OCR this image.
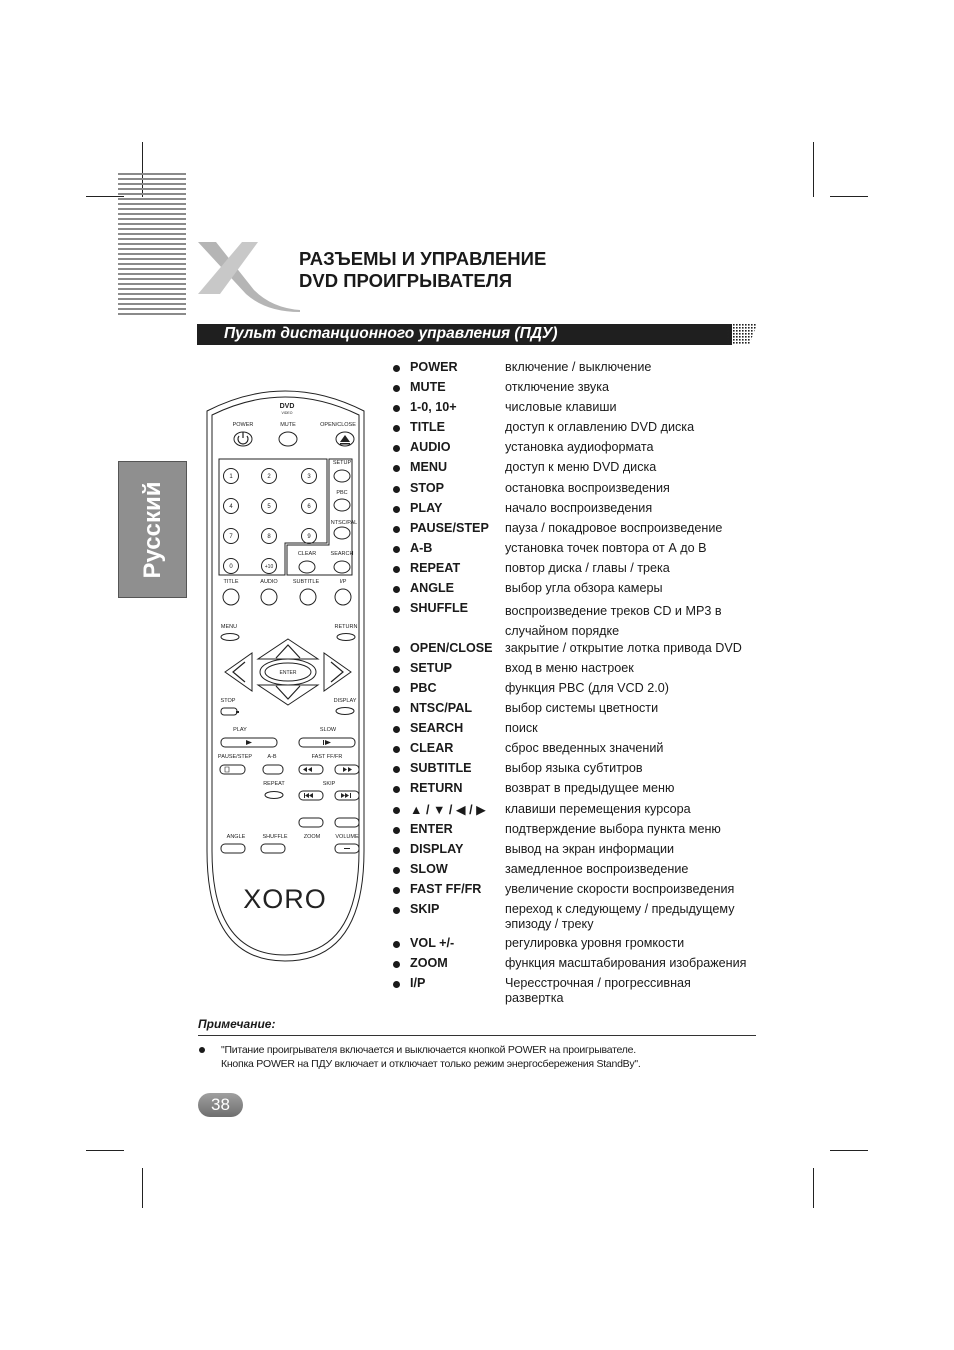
РАЗЪЕМЫ И УПРАВЛЕНИЕ
DVD ПРОИГРЫВАТЕЛЯ
Пульт дистанционного управления (ПДУ)
Русский
DVD
VIDEO
1	2	3
4	5	6
7	8	9
0	+10
ENTER
XORO
POWER	MUTE	OPEN/CLOSE
SETUP
PBC
NTSC/PAL
CLEAR	SEARCH
TITLE	AUDIO	SUBTITLE	I/P
MENU	RETURN
STOP	DISPLAY
PLAY	SLOW
PAUSE/STEP	A-B	FAST FF/FR
REPEAT	SKIP
ANGLE	SHUFFLE	ZOOM	VOLUME
POWER	включение / выключение
MUTE	отключение звука
1-0, 10+	числовые клавиши
TITLE	доступ к оглавлению DVD диска
AUDIO	установка аудиоформата
MENU	доступ к меню DVD диска
STOP	остановка воспроизведения
PLAY	начало воспроизведения
PAUSE/STEP пауза / покадровое воспроизведение
A-B	установка точек повтора от А до В
REPEAT	повтор диска / главы / трека
ANGLE	выбор угла обзора камеры
SHUFFLE	воспроизведение треков CD и MP3 в случайном порядке
OPEN/CLOSE закрытие / открытие лотка привода DVD
SETUP	вход в меню настроек
PBC	функция PBC (для VCD 2.0)
NTSC/PAL	выбор системы цветности
SEARCH	поиск
CLEAR	сброс введенных значений
SUBTITLE	выбор языка субтитров
RETURN	возврат в предыдущее меню
▲ / ▼ / ◀ / ▶ клавиши перемещения курсора
ENTER	подтверждение выбора пункта меню
DISPLAY	вывод на экран информации
SLOW	замедленное воспроизведение
FAST FF/FR увеличение скорости воспроизведения
SKIP	переход к следующему / предыдущему эпизоду / треку
VOL +/-	регулировка уровня громкости
ZOOM	функция масштабирования изображения
I/P	Чересстрочная / прогрессивная развертка
Примечание:
"Питание проигрывателя включается и выключается кнопкой POWER на проигрывателе.
Кнопка POWER на ПДУ включает и отключает только режим энергосбережения StandBy".
38
